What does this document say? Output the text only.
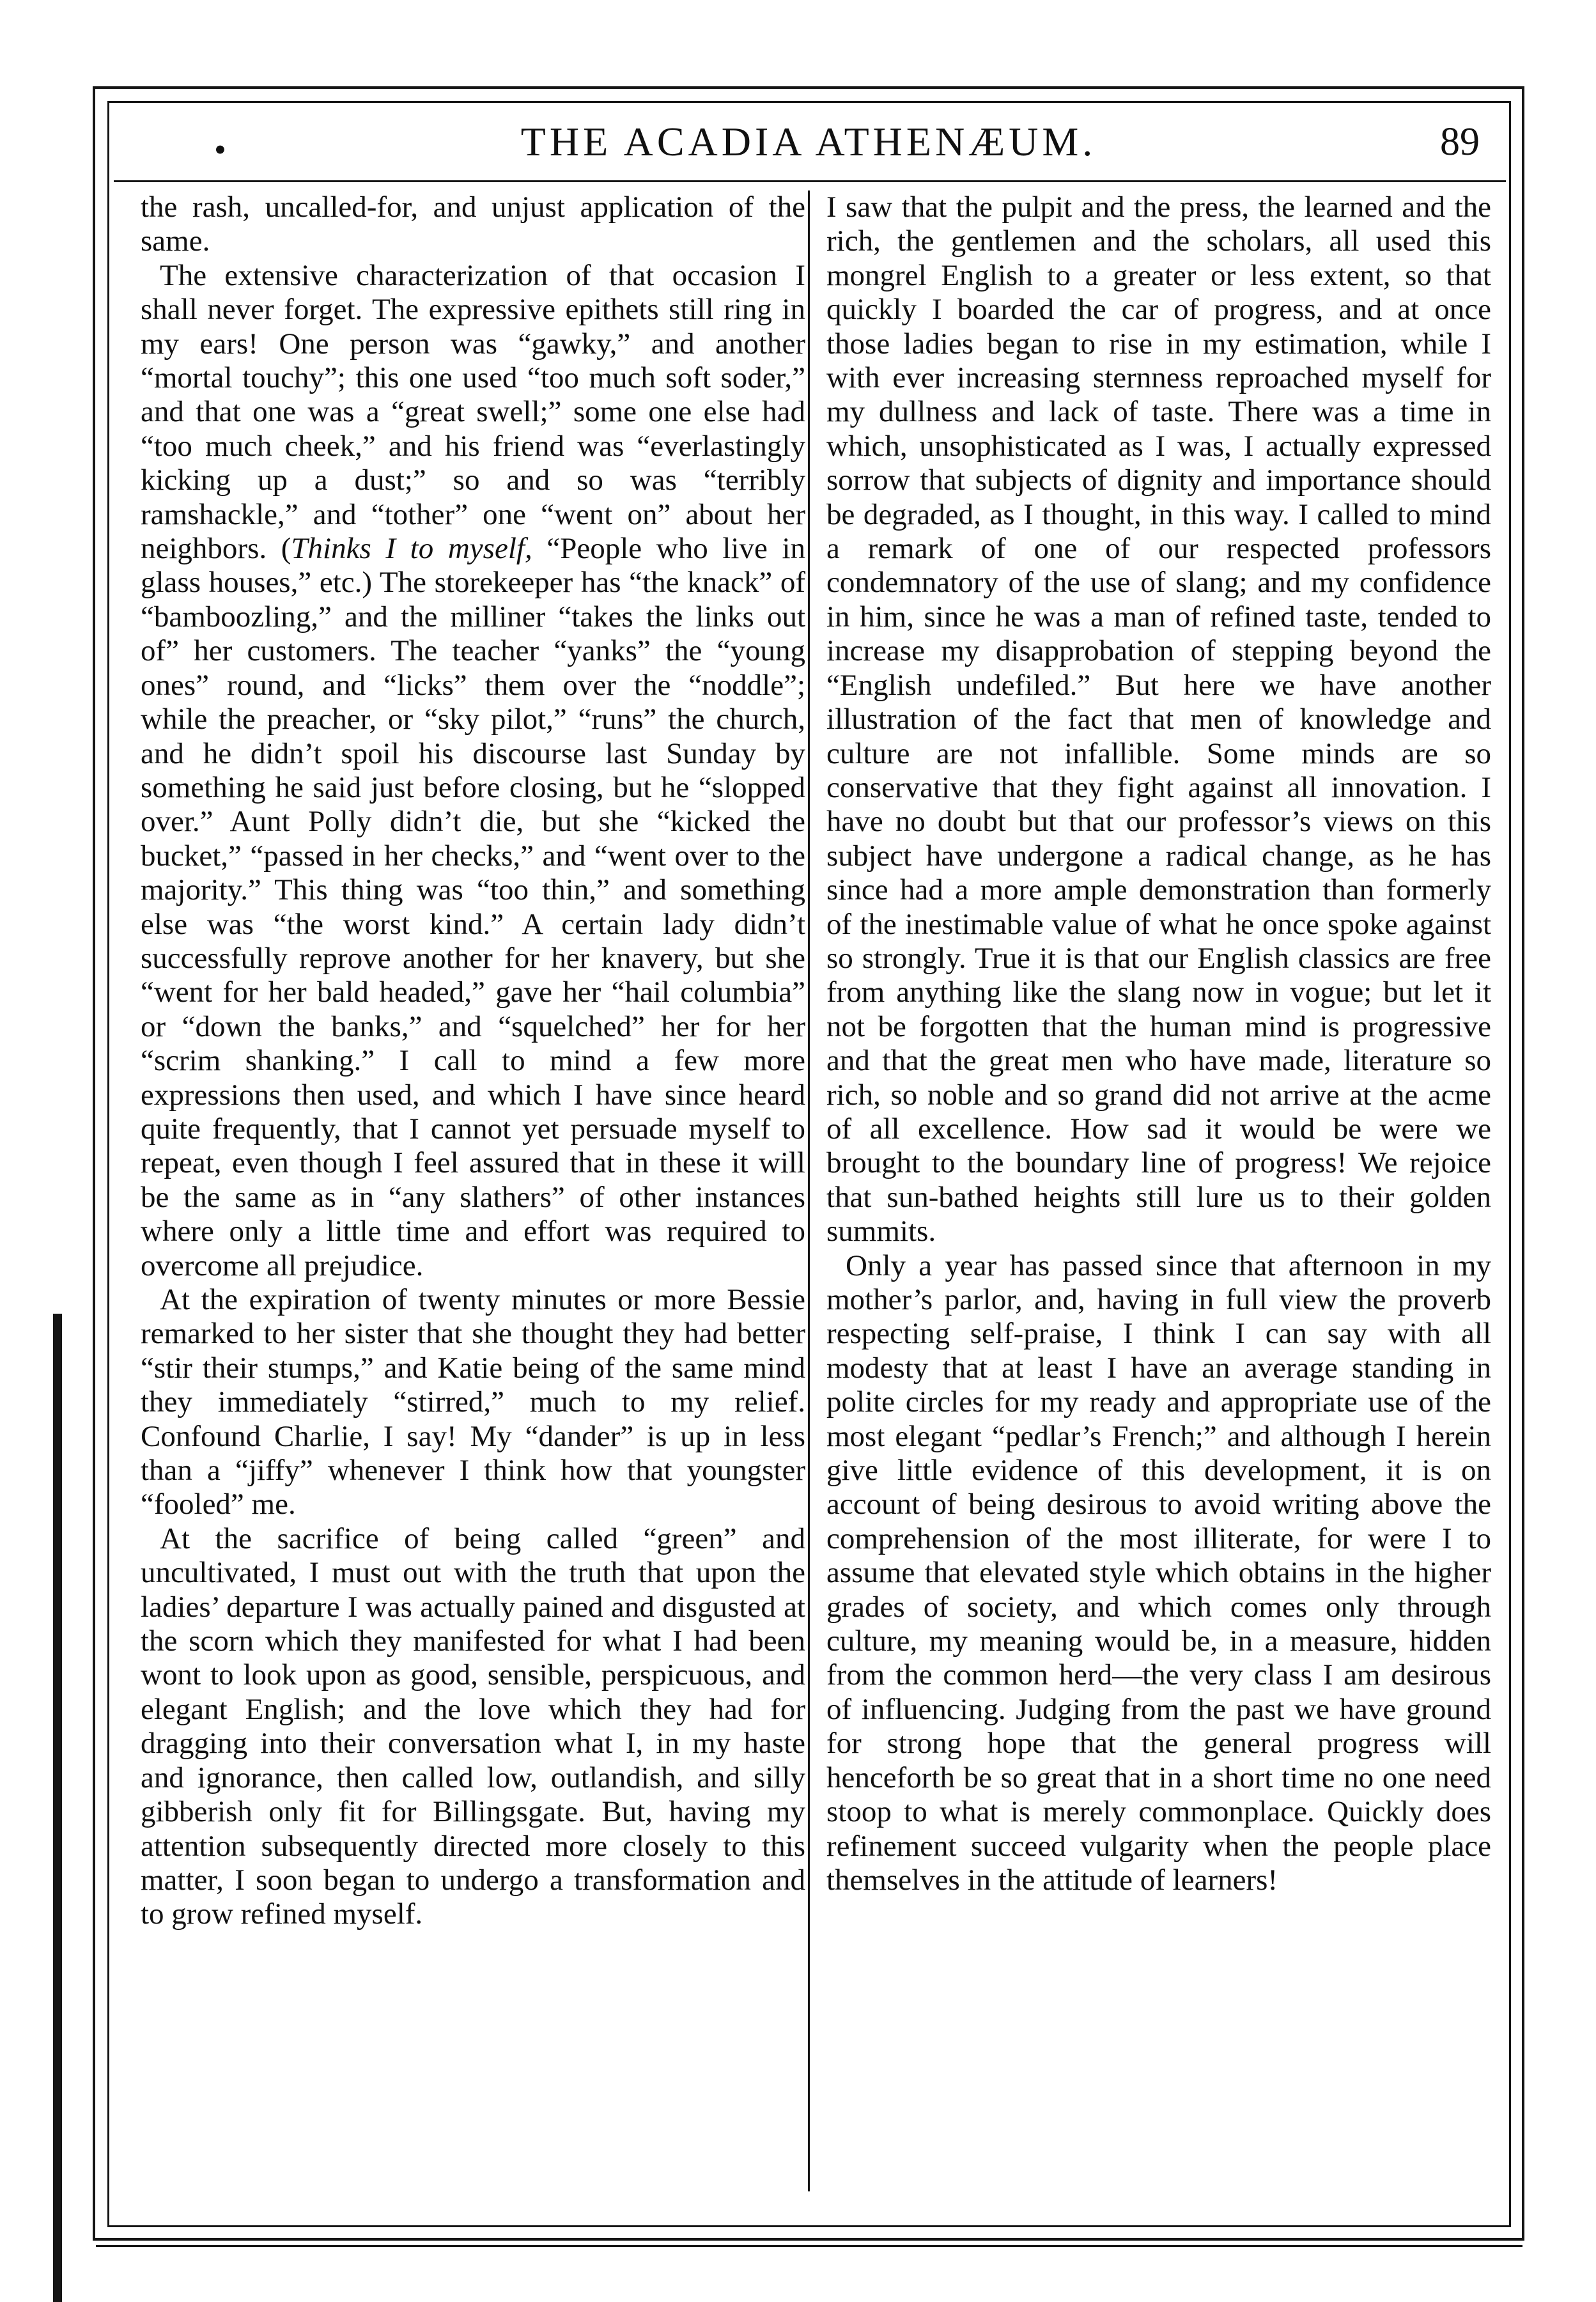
•	THE ACADIA ATHENÆUM.	89

the rash, uncalled-for, and unjust application of the same.

The extensive characterization of that occasion I shall never forget. The expressive epithets still ring in my ears! One person was “gawky,” and another “mortal touchy”; this one used “too much soft soder,” and that one was a “great swell;” some one else had “too much cheek,” and his friend was “everlastingly kicking up a dust;” so and so was “terribly ramshackle,” and “tother” one “went on” about her neighbors. (Thinks I to myself, “People who live in glass houses,” etc.) The storekeeper has “the knack” of “bamboozling,” and the milliner “takes the links out of” her customers. The teacher “yanks” the “young ones” round, and “licks” them over the “noddle”; while the preacher, or “sky pilot,” “runs” the church, and he didn’t spoil his discourse last Sunday by something he said just before closing, but he “slopped over.” Aunt Polly didn’t die, but she “kicked the bucket,” “passed in her checks,” and “went over to the majority.” This thing was “too thin,” and something else was “the worst kind.” A certain lady didn’t successfully reprove another for her knavery, but she “went for her bald headed,” gave her “hail columbia” or “down the banks,” and “squelched” her for her “scrim shanking.” I call to mind a few more expressions then used, and which I have since heard quite frequently, that I cannot yet persuade myself to repeat, even though I feel assured that in these it will be the same as in “any slathers” of other instances where only a little time and effort was required to overcome all prejudice.

At the expiration of twenty minutes or more Bessie remarked to her sister that she thought they had better “stir their stumps,” and Katie being of the same mind they immediately “stirred,” much to my relief. Confound Charlie, I say! My “dander” is up in less than a “jiffy” whenever I think how that youngster “fooled” me.

At the sacrifice of being called “green” and uncultivated, I must out with the truth that upon the ladies’ departure I was actually pained and disgusted at the scorn which they manifested for what I had been wont to look upon as good, sensible, perspicuous, and elegant English; and the love which they had for dragging into their conversation what I, in my haste and ignorance, then called low, outlandish, and silly gibberish only fit for Billingsgate. But, having my attention subsequently directed more closely to this matter, I soon began to undergo a transformation and to grow refined myself.

I saw that the pulpit and the press, the learned and the rich, the gentlemen and the scholars, all used this mongrel English to a greater or less extent, so that quickly I boarded the car of progress, and at once those ladies began to rise in my estimation, while I with ever increasing sternness reproached myself for my dullness and lack of taste. There was a time in which, unsophisticated as I was, I actually expressed sorrow that subjects of dignity and importance should be degraded, as I thought, in this way. I called to mind a remark of one of our respected professors condemnatory of the use of slang; and my confidence in him, since he was a man of refined taste, tended to increase my disapprobation of stepping beyond the “English undefiled.” But here we have another illustration of the fact that men of knowledge and culture are not infallible. Some minds are so conservative that they fight against all innovation. I have no doubt but that our professor’s views on this subject have undergone a radical change, as he has since had a more ample demonstration than formerly of the inestimable value of what he once spoke against so strongly. True it is that our English classics are free from anything like the slang now in vogue; but let it not be forgotten that the human mind is progressive and that the great men who have made, literature so rich, so noble and so grand did not arrive at the acme of all excellence. How sad it would be were we brought to the boundary line of progress! We rejoice that sun-bathed heights still lure us to their golden summits.

Only a year has passed since that afternoon in my mother’s parlor, and, having in full view the proverb respecting self-praise, I think I can say with all modesty that at least I have an average standing in polite circles for my ready and appropriate use of the most elegant “pedlar’s French;” and although I herein give little evidence of this development, it is on account of being desirous to avoid writing above the comprehension of the most illiterate, for were I to assume that elevated style which obtains in the higher grades of society, and which comes only through culture, my meaning would be, in a measure, hidden from the common herd—the very class I am desirous of influencing. Judging from the past we have ground for strong hope that the general progress will henceforth be so great that in a short time no one need stoop to what is merely commonplace. Quickly does refinement succeed vulgarity when the people place themselves in the attitude of learners!
